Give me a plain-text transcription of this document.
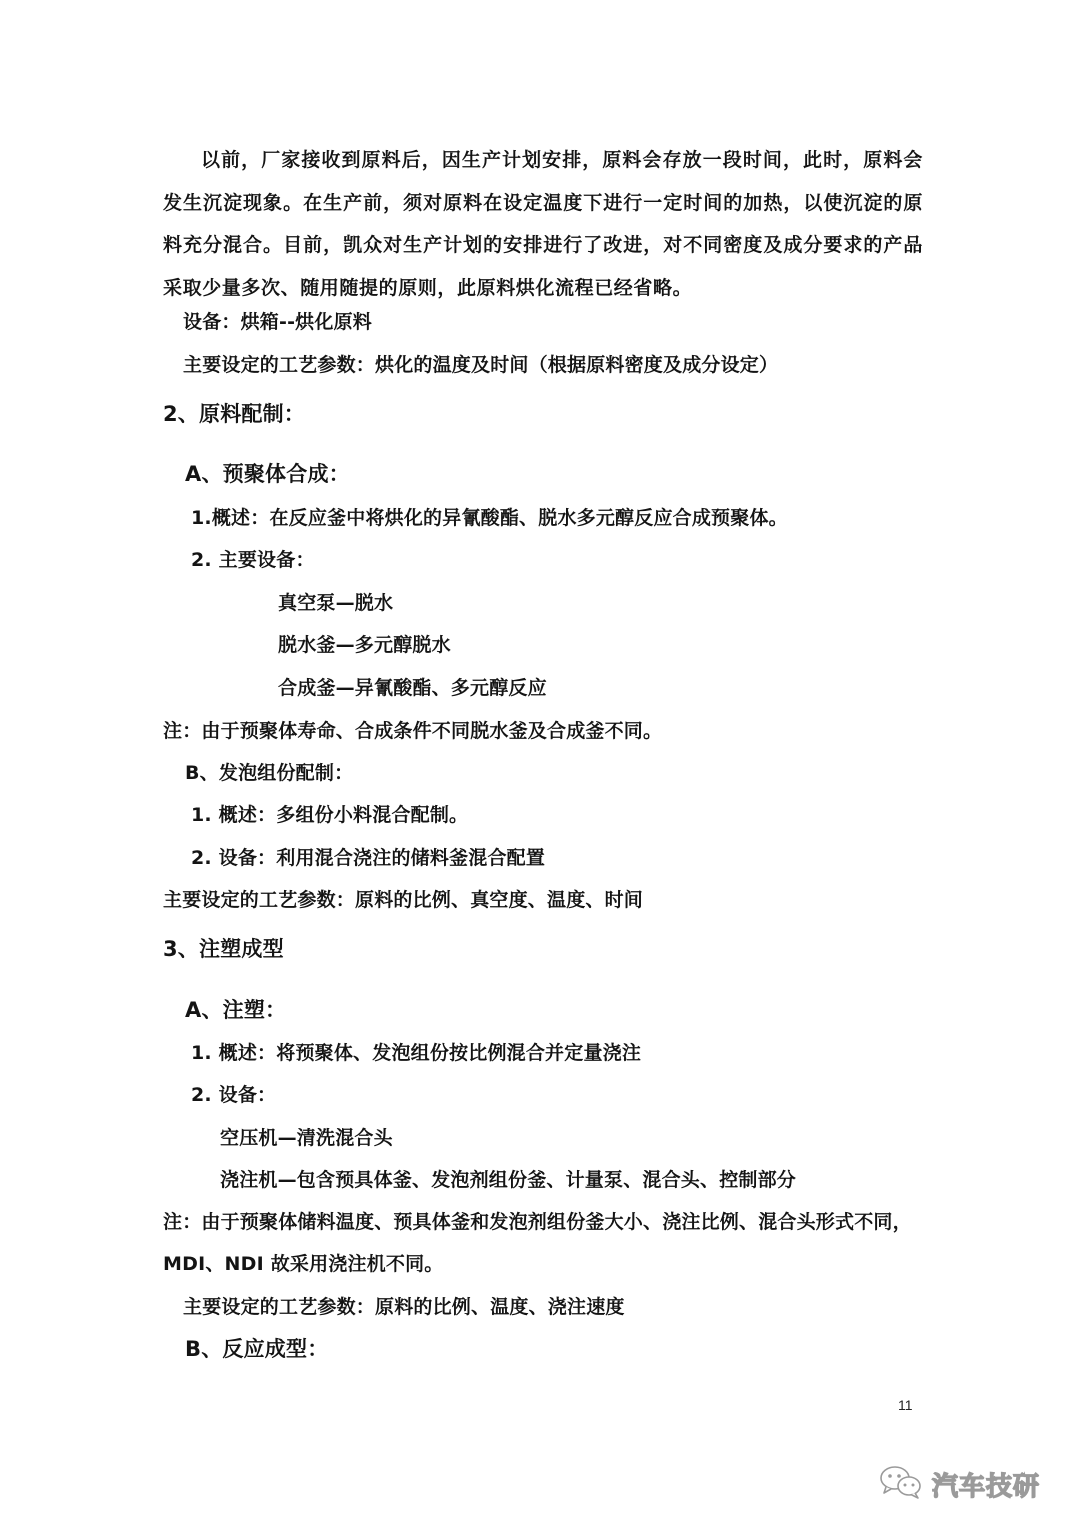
以前，厂家接收到原料后，因生产计划安排，原料会存放一段时间，此时，原料会发生沉淀现象。在生产前，须对原料在设定温度下进行一定时间的加热，以使沉淀的原料充分混合。目前，凯众对生产计划的安排进行了改进，对不同密度及成分要求的产品采取少量多次、随用随提的原则，此原料烘化流程已经省略。

设备：烘箱--烘化原料
主要设定的工艺参数：烘化的温度及时间（根据原料密度及成分设定）
2、原料配制：
A、预聚体合成：
1.概述：在反应釜中将烘化的异氰酸酯、脱水多元醇反应合成预聚体。
2. 主要设备：
真空泵—脱水
脱水釜—多元醇脱水
合成釜—异氰酸酯、多元醇反应
注：由于预聚体寿命、合成条件不同脱水釜及合成釜不同。
B、发泡组份配制：
1. 概述：多组份小料混合配制。
2. 设备：利用混合浇注的储料釜混合配置
主要设定的工艺参数：原料的比例、真空度、温度、时间
3、注塑成型
A、注塑：
1. 概述：将预聚体、发泡组份按比例混合并定量浇注
2. 设备：
空压机—清洗混合头
浇注机—包含预具体釜、发泡剂组份釜、计量泵、混合头、控制部分
注：由于预聚体储料温度、预具体釜和发泡剂组份釜大小、浇注比例、混合头形式不同，
MDI、NDI 故采用浇注机不同。
主要设定的工艺参数：原料的比例、温度、浇注速度
B、反应成型：
11
汽车技研
